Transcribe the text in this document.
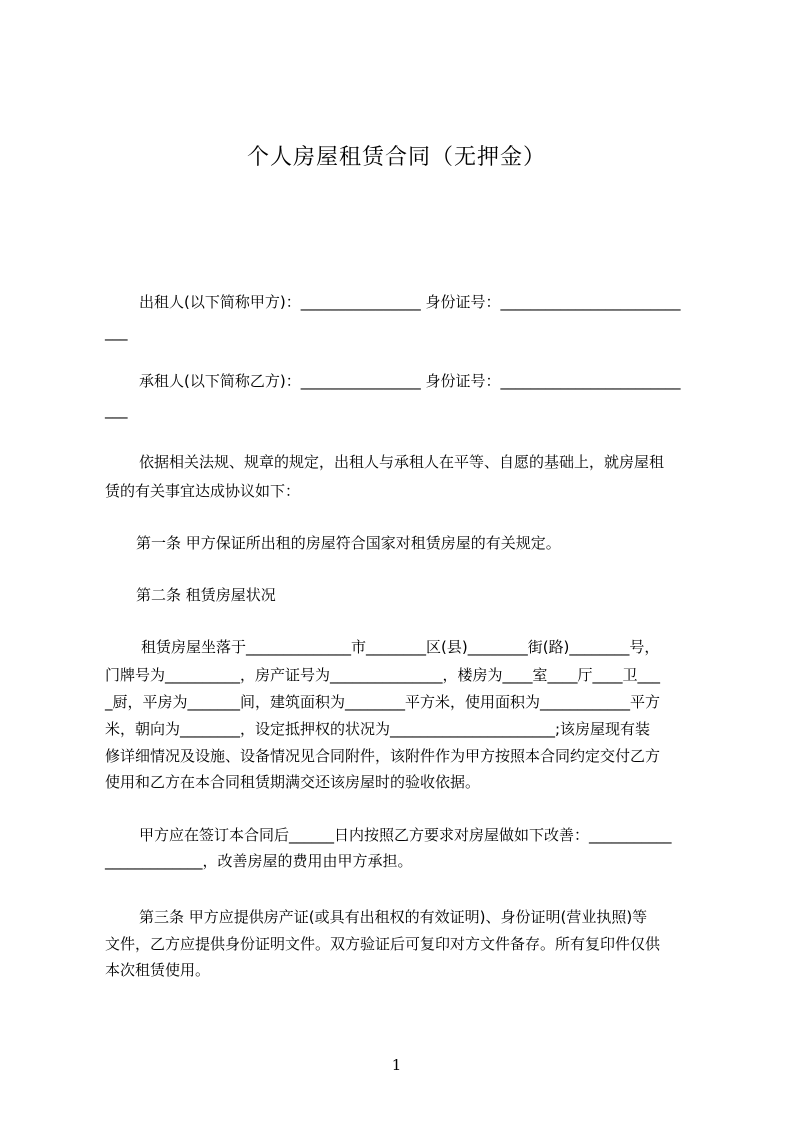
个人房屋租赁合同（无押金）
出租人(以下简称甲方)：________________ 身份证号：________________________
___
承租人(以下简称乙方)：________________ 身份证号：________________________
___
依据相关法规、规章的规定，出租人与承租人在平等、自愿的基础上，就房屋租
赁的有关事宜达成协议如下：
第一条 甲方保证所出租的房屋符合国家对租赁房屋的有关规定。
第二条 租赁房屋状况
租赁房屋坐落于______________市________区(县)________街(路)________号，
门牌号为__________，房产证号为_______________，楼房为____室____厅____卫___
_厨，平房为_______间，建筑面积为________平方米，使用面积为____________平方
米，朝向为________，设定抵押权的状况为______________________;该房屋现有装
修详细情况及设施、设备情况见合同附件，该附件作为甲方按照本合同约定交付乙方
使用和乙方在本合同租赁期满交还该房屋时的验收依据。
甲方应在签订本合同后______日内按照乙方要求对房屋做如下改善：___________
_____________，改善房屋的费用由甲方承担。
第三条 甲方应提供房产证(或具有出租权的有效证明)、身份证明(营业执照)等
文件，乙方应提供身份证明文件。双方验证后可复印对方文件备存。所有复印件仅供
本次租赁使用。
1
